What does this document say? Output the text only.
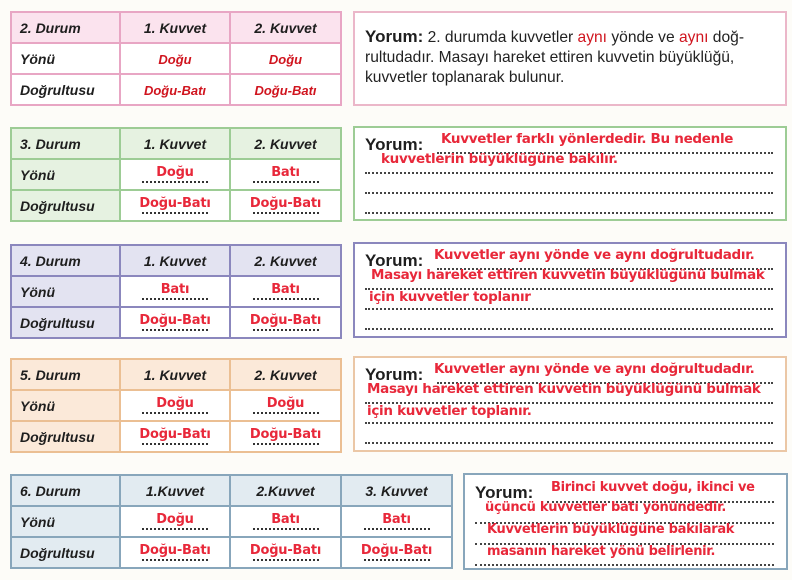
2. Durum	1. Kuvvet	2. Kuvvet
Yönü	Doğu	Doğu
Doğrultusu	Doğu-Batı	Doğu-Batı
Yorum: 2. durumda kuvvetler aynı yönde ve aynı doğ-rultudadır. Masayı hareket ettiren kuvvetin büyüklüğü, kuvvetler toplanarak bulunur.
3. Durum	1. Kuvvet	2. Kuvvet
Yönü	Doğu	Batı

Doğrultusu	Doğu-Batı	Doğu-Batı
Yorum: Kuvvetler farklı yönlerdedir. Bu nedenle
kuvvetlerin büyüklüğüne bakılır.
4. Durum	1. Kuvvet	2. Kuvvet
Yönü	Batı	Batı

Doğrultusu	Doğu-Batı	Doğu-Batı
Yorum: Kuvvetler aynı yönde ve aynı doğrultudadır.
Masayı hareket ettiren kuvvetin büyüklüğünü bulmak
için kuvvetler toplanır
5. Durum	1. Kuvvet	2. Kuvvet
Yönü	Doğu	Doğu

Doğrultusu	Doğu-Batı	Doğu-Batı
Yorum: Kuvvetler aynı yönde ve aynı doğrultudadır.
Masayı hareket ettiren kuvvetin büyüklüğünü bulmak
için kuvvetler toplanır.
6. Durum	1.Kuvvet	2.Kuvvet	3. Kuvvet
Yönü	Doğu	Batı	Batı

Doğrultusu	Doğu-Batı	Doğu-Batı	Doğu-Batı
Yorum: Birinci kuvvet doğu, ikinci ve
üçüncü kuvvetler batı yönündedir.
Kuvvetlerin büyüklüğüne bakılarak
masanın hareket yönü belirlenir.
